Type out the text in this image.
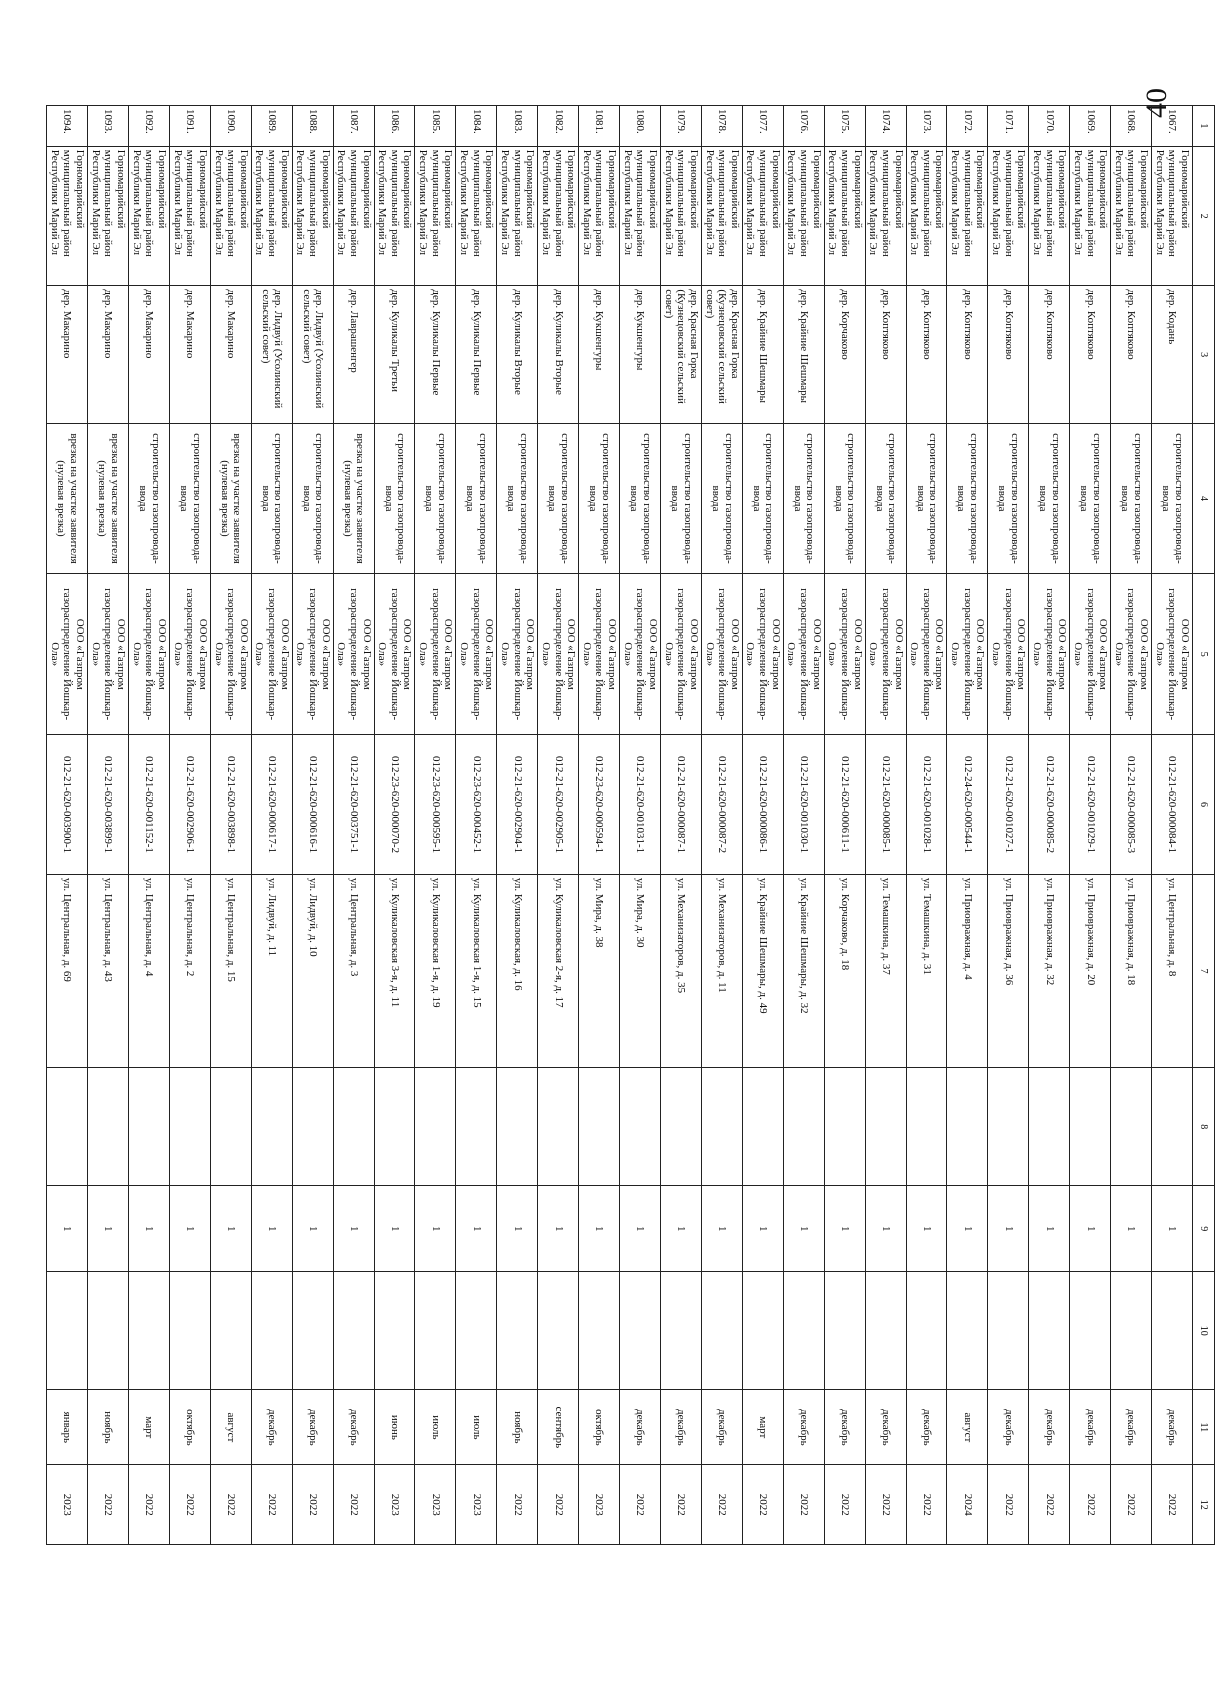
40
1	2	3	4	5	6	7	8	9	10	11	12
1067.	Горномарийский муниципальный район Республики Марий Эл	дер. Кодань	строительство газопровода-ввода	ООО «Газпром газораспределение Йошкар-Ола»	012-21-620-000084-1	ул. Центральная, д. 8		1		декабрь	2022
1068.	Горномарийский муниципальный район Республики Марий Эл	дер. Коптяково	строительство газопровода-ввода	ООО «Газпром газораспределение Йошкар-Ола»	012-21-620-000085-3	ул. Приовражная, д. 18		1		декабрь	2022
1069.	Горномарийский муниципальный район Республики Марий Эл	дер. Коптяково	строительство газопровода-ввода	ООО «Газпром газораспределение Йошкар-Ола»	012-21-620-001029-1	ул. Приовражная, д. 20		1		декабрь	2022
1070.	Горномарийский муниципальный район Республики Марий Эл	дер. Коптяково	строительство газопровода-ввода	ООО «Газпром газораспределение Йошкар-Ола»	012-21-620-000085-2	ул. Приовражная, д. 32		1		декабрь	2022
1071.	Горномарийский муниципальный район Республики Марий Эл	дер. Коптяково	строительство газопровода-ввода	ООО «Газпром газораспределение Йошкар-Ола»	012-21-620-001027-1	ул. Приовражная, д. 36		1		декабрь	2022
1072.	Горномарийский муниципальный район Республики Марий Эл	дер. Коптяково	строительство газопровода-ввода	ООО «Газпром газораспределение Йошкар-Ола»	012-24-620-000544-1	ул. Приовражная, д. 4		1		август	2024
1073.	Горномарийский муниципальный район Республики Марий Эл	дер. Коптяково	строительство газопровода-ввода	ООО «Газпром газораспределение Йошкар-Ола»	012-21-620-001028-1	ул. Темашкина, д. 31		1		декабрь	2022
1074.	Горномарийский муниципальный район Республики Марий Эл	дер. Коптяково	строительство газопровода-ввода	ООО «Газпром газораспределение Йошкар-Ола»	012-21-620-000085-1	ул. Темашкина, д. 37		1		декабрь	2022
1075.	Горномарийский муниципальный район Республики Марий Эл	дер. Корчаково	строительство газопровода-ввода	ООО «Газпром газораспределение Йошкар-Ола»	012-21-620-000611-1	ул. Корчаково, д. 18		1		декабрь	2022
1076.	Горномарийский муниципальный район Республики Марий Эл	дер. Крайние Шешмары	строительство газопровода-ввода	ООО «Газпром газораспределение Йошкар-Ола»	012-21-620-001030-1	ул. Крайние Шешмары, д. 32		1		декабрь	2022
1077.	Горномарийский муниципальный район Республики Марий Эл	дер. Крайние Шешмары	строительство газопровода-ввода	ООО «Газпром газораспределение Йошкар-Ола»	012-21-620-000086-1	ул. Крайние Шешмары, д. 49		1		март	2022
1078.	Горномарийский муниципальный район Республики Марий Эл	дер. Красная Горка (Кузнецовский сельский совет)	строительство газопровода-ввода	ООО «Газпром газораспределение Йошкар-Ола»	012-21-620-000087-2	ул. Механизаторов, д. 11		1		декабрь	2022
1079.	Горномарийский муниципальный район Республики Марий Эл	дер. Красная Горка (Кузнецовский сельский совет)	строительство газопровода-ввода	ООО «Газпром газораспределение Йошкар-Ола»	012-21-620-000087-1	ул. Механизаторов, д. 35		1		декабрь	2022
1080.	Горномарийский муниципальный район Республики Марий Эл	дер. Кукшенгуры	строительство газопровода-ввода	ООО «Газпром газораспределение Йошкар-Ола»	012-21-620-001031-1	ул. Мира, д. 30		1		декабрь	2022
1081.	Горномарийский муниципальный район Республики Марий Эл	дер. Кукшенгуры	строительство газопровода-ввода	ООО «Газпром газораспределение Йошкар-Ола»	012-23-620-000594-1	ул. Мира, д. 38		1		октябрь	2023
1082.	Горномарийский муниципальный район Республики Марий Эл	дер. Куликалы Вторые	строительство газопровода-ввода	ООО «Газпром газораспределение Йошкар-Ола»	012-21-620-002905-1	ул. Куликаловская 2-я, д. 17		1		сентябрь	2022
1083.	Горномарийский муниципальный район Республики Марий Эл	дер. Куликалы Вторые	строительство газопровода-ввода	ООО «Газпром газораспределение Йошкар-Ола»	012-21-620-002904-1	ул. Куликаловская, д. 16		1		ноябрь	2022
1084.	Горномарийский муниципальный район Республики Марий Эл	дер. Куликалы Первые	строительство газопровода-ввода	ООО «Газпром газораспределение Йошкар-Ола»	012-23-620-000452-1	ул. Куликаловская 1-я, д. 15		1		июль	2023
1085.	Горномарийский муниципальный район Республики Марий Эл	дер. Куликалы Первые	строительство газопровода-ввода	ООО «Газпром газораспределение Йошкар-Ола»	012-23-620-000595-1	ул. Куликаловская 1-я, д. 19		1		июль	2023
1086.	Горномарийский муниципальный район Республики Марий Эл	дер. Куликалы Третьи	строительство газопровода-ввода	ООО «Газпром газораспределение Йошкар-Ола»	012-23-620-000070-2	ул. Куликаловская 3-я, д. 11		1		июнь	2023
1087.	Горномарийский муниципальный район Республики Марий Эл	дер. Лаврашенгер	врезка на участке заявителя (нулевая врезка)	ООО «Газпром газораспределение Йошкар-Ола»	012-21-620-003751-1	ул. Центральная, д. 3		1		декабрь	2022
1088.	Горномарийский муниципальный район Республики Марий Эл	дер. Лидвуй (Усолинский сельский совет)	строительство газопровода-ввода	ООО «Газпром газораспределение Йошкар-Ола»	012-21-620-000616-1	ул. Лидвуй, д. 10		1		декабрь	2022
1089.	Горномарийский муниципальный район Республики Марий Эл	дер. Лидвуй (Усолинский сельский совет)	строительство газопровода-ввода	ООО «Газпром газораспределение Йошкар-Ола»	012-21-620-000617-1	ул. Лидвуй, д. 11		1		декабрь	2022
1090.	Горномарийский муниципальный район Республики Марий Эл	дер. Макарино	врезка на участке заявителя (нулевая врезка)	ООО «Газпром газораспределение Йошкар-Ола»	012-21-620-003898-1	ул. Центральная, д. 15		1		август	2022
1091.	Горномарийский муниципальный район Республики Марий Эл	дер. Макарино	строительство газопровода-ввода	ООО «Газпром газораспределение Йошкар-Ола»	012-21-620-002906-1	ул. Центральная, д. 2		1		октябрь	2022
1092.	Горномарийский муниципальный район Республики Марий Эл	дер. Макарино	строительство газопровода-ввода	ООО «Газпром газораспределение Йошкар-Ола»	012-21-620-001152-1	ул. Центральная, д. 4		1		март	2022
1093.	Горномарийский муниципальный район Республики Марий Эл	дер. Макарино	врезка на участке заявителя (нулевая врезка)	ООО «Газпром газораспределение Йошкар-Ола»	012-21-620-003899-1	ул. Центральная, д. 43		1		ноябрь	2022
1094.	Горномарийский муниципальный район Республики Марий Эл	дер. Макарино	врезка на участке заявителя (нулевая врезка)	ООО «Газпром газораспределение Йошкар-Ола»	012-21-620-003900-1	ул. Центральная, д. 69		1		январь	2023
